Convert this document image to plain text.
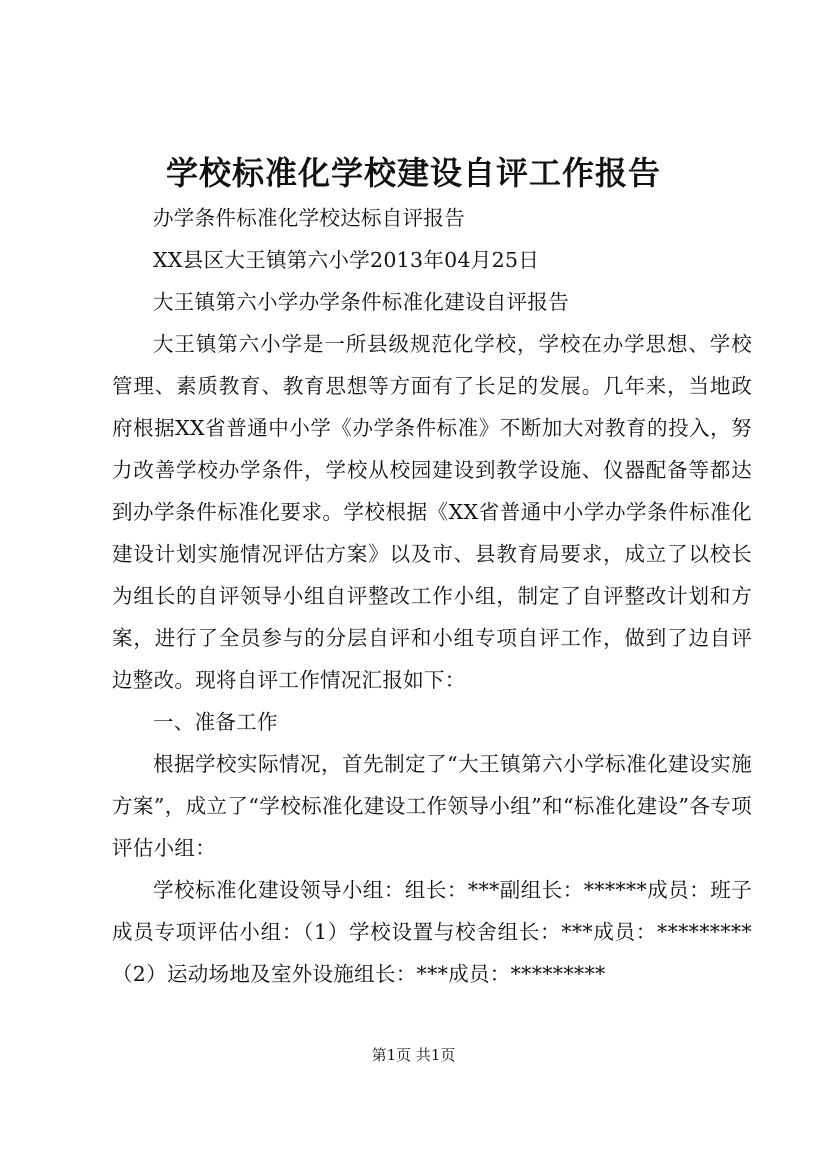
学校标准化学校建设自评工作报告

办学条件标准化学校达标自评报告

XX县区大王镇第六小学2013年04月25日

大王镇第六小学办学条件标准化建设自评报告

大王镇第六小学是一所县级规范化学校，学校在办学思想、学校管理、素质教育、教育思想等方面有了长足的发展。几年来，当地政府根据XX省普通中小学《办学条件标准》不断加大对教育的投入，努力改善学校办学条件，学校从校园建设到教学设施、仪器配备等都达到办学条件标准化要求。学校根据《XX省普通中小学办学条件标准化建设计划实施情况评估方案》以及市、县教育局要求，成立了以校长为组长的自评领导小组自评整改工作小组，制定了自评整改计划和方案，进行了全员参与的分层自评和小组专项自评工作，做到了边自评边整改。现将自评工作情况汇报如下：

一、准备工作

根据学校实际情况，首先制定了“大王镇第六小学标准化建设实施方案”，成立了“学校标准化建设工作领导小组”和“标准化建设”各专项评估小组：

学校标准化建设领导小组：组长：***副组长：******成员：班子成员专项评估小组：（1）学校设置与校舍组长：***成员：*********（2）运动场地及室外设施组长：***成员：*********

第1页 共1页
